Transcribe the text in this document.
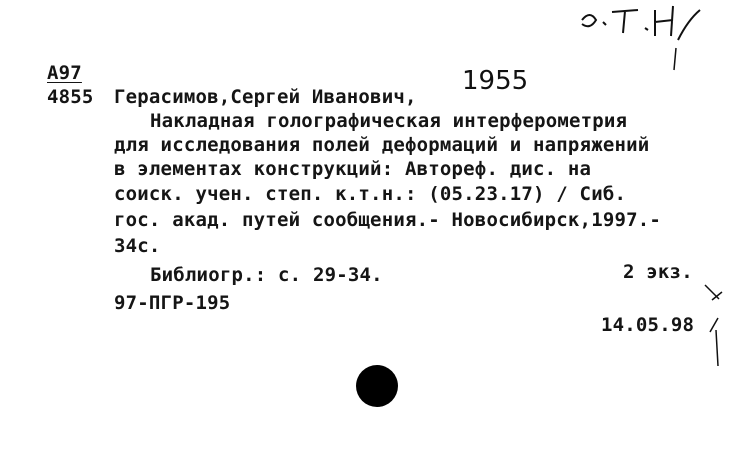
А97
4855 Герасимов,Сергей Иванович,
1955
Накладная голографическая интерферометрия
для исследования полей деформаций и напряжений
в элементах конструкций: Автореф. дис. на
соиск. учен. степ. к.т.н.: (05.23.17) / Сиб.
гос. акад. путей сообщения.- Новосибирск,1997.-
34с.
Библиогр.: с. 29-34.	2 экз.
97-ПГР-195
14.05.98
